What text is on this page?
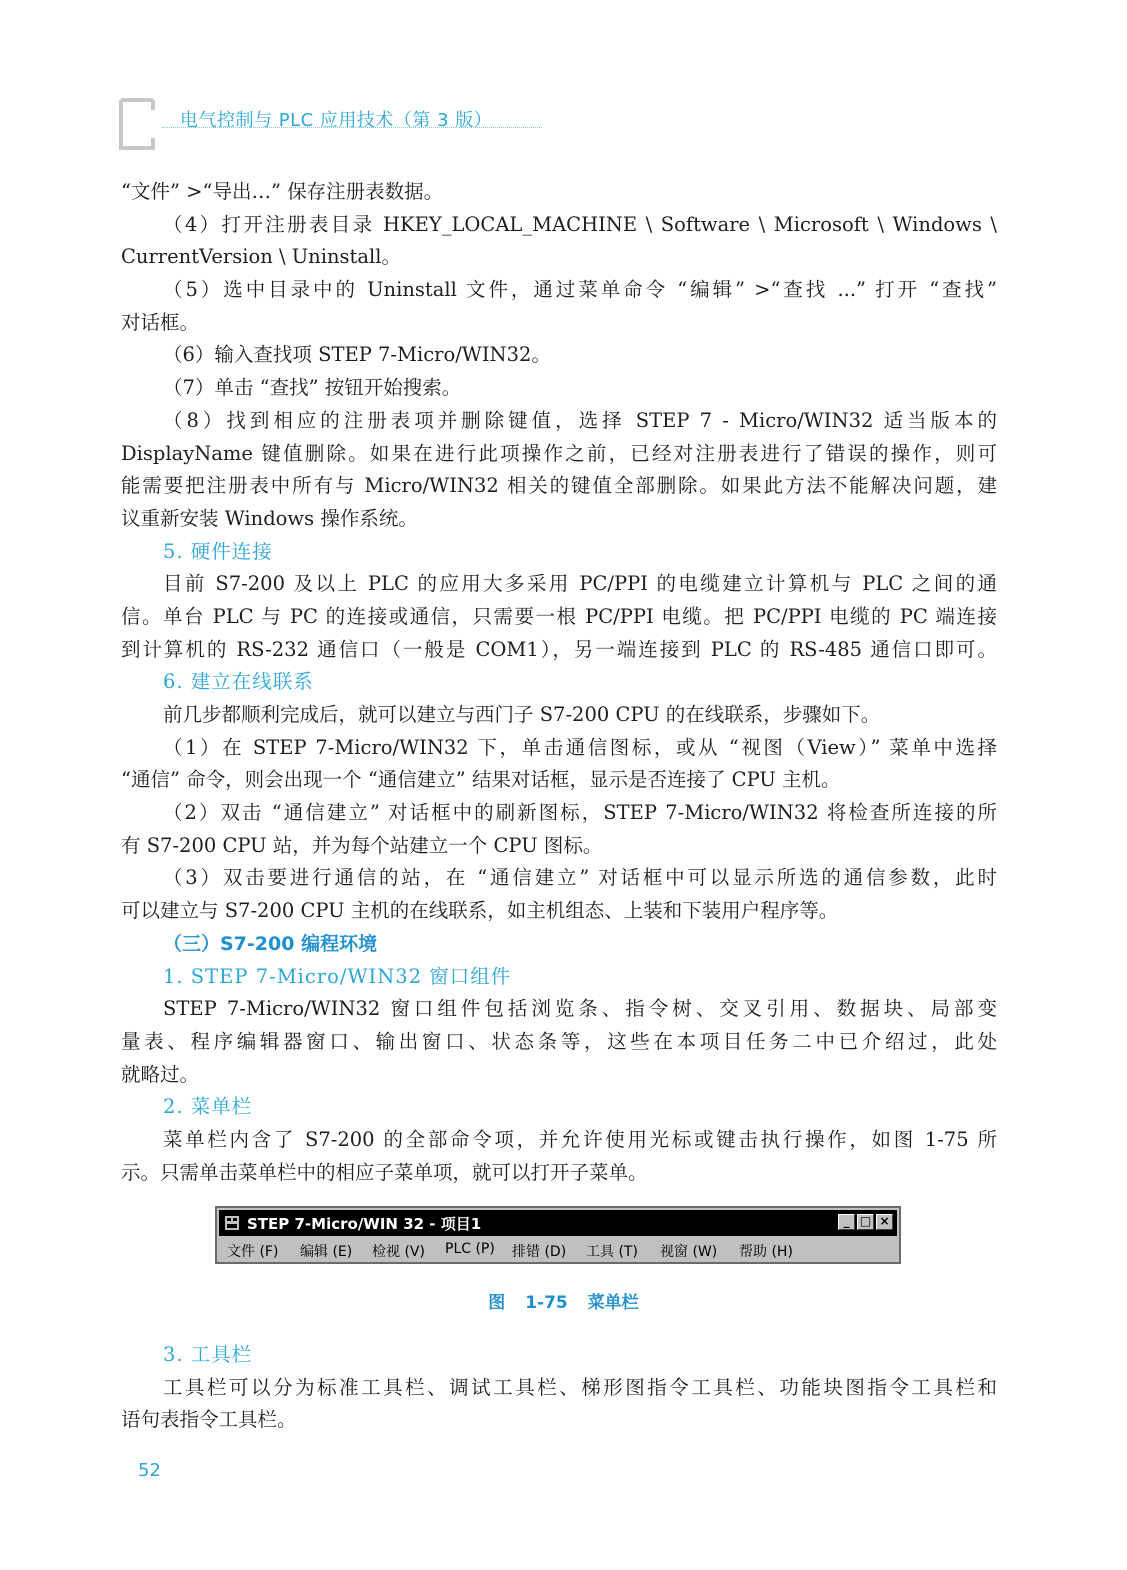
电气控制与 PLC 应用技术（第 3 版）

“文件” >“导出…” 保存注册表数据。

（4）打开注册表目录 HKEY_LOCAL_MACHINE \ Software \ Microsoft \ Windows \

CurrentVersion \ Uninstall。

（5）选中目录中的 Uninstall 文件，通过菜单命令 “编辑” >“查找 ...” 打开 “查找”

对话框。

（6）输入查找项 STEP 7-Micro/WIN32。

（7）单击 “查找” 按钮开始搜索。

（8）找到相应的注册表项并删除键值，选择 STEP 7 - Micro/WIN32 适当版本的

DisplayName 键值删除。如果在进行此项操作之前，已经对注册表进行了错误的操作，则可

能需要把注册表中所有与 Micro/WIN32 相关的键值全部删除。如果此方法不能解决问题，建

议重新安装 Windows 操作系统。

5. 硬件连接

目前 S7-200 及以上 PLC 的应用大多采用 PC/PPI 的电缆建立计算机与 PLC 之间的通

信。单台 PLC 与 PC 的连接或通信，只需要一根 PC/PPI 电缆。把 PC/PPI 电缆的 PC 端连接

到计算机的 RS-232 通信口（一般是 COM1），另一端连接到 PLC 的 RS-485 通信口即可。

6. 建立在线联系

前几步都顺利完成后，就可以建立与西门子 S7-200 CPU 的在线联系，步骤如下。

（1）在 STEP 7-Micro/WIN32 下，单击通信图标，或从 “视图（View）” 菜单中选择

“通信” 命令，则会出现一个 “通信建立” 结果对话框，显示是否连接了 CPU 主机。

（2）双击 “通信建立” 对话框中的刷新图标，STEP 7-Micro/WIN32 将检查所连接的所

有 S7-200 CPU 站，并为每个站建立一个 CPU 图标。

（3）双击要进行通信的站，在 “通信建立” 对话框中可以显示所选的通信参数，此时

可以建立与 S7-200 CPU 主机的在线联系，如主机组态、上装和下装用户程序等。

（三）S7-200 编程环境

1. STEP 7-Micro/WIN32 窗口组件

STEP 7-Micro/WIN32 窗口组件包括浏览条、指令树、交叉引用、数据块、局部变

量表、程序编辑器窗口、输出窗口、状态条等，这些在本项目任务二中已介绍过，此处

就略过。

2. 菜单栏

菜单栏内含了 S7-200 的全部命令项，并允许使用光标或键击执行操作，如图 1-75 所

示。只需单击菜单栏中的相应子菜单项，就可以打开子菜单。

STEP 7-Micro/WIN 32 - 项目1	_ □ ×
文件 (F) 编辑 (E) 检视 (V) PLC (P) 排错 (D) 工具 (T) 视窗 (W) 帮助 (H)
图 1-75 菜单栏

3. 工具栏

工具栏可以分为标准工具栏、调试工具栏、梯形图指令工具栏、功能块图指令工具栏和

语句表指令工具栏。

52
